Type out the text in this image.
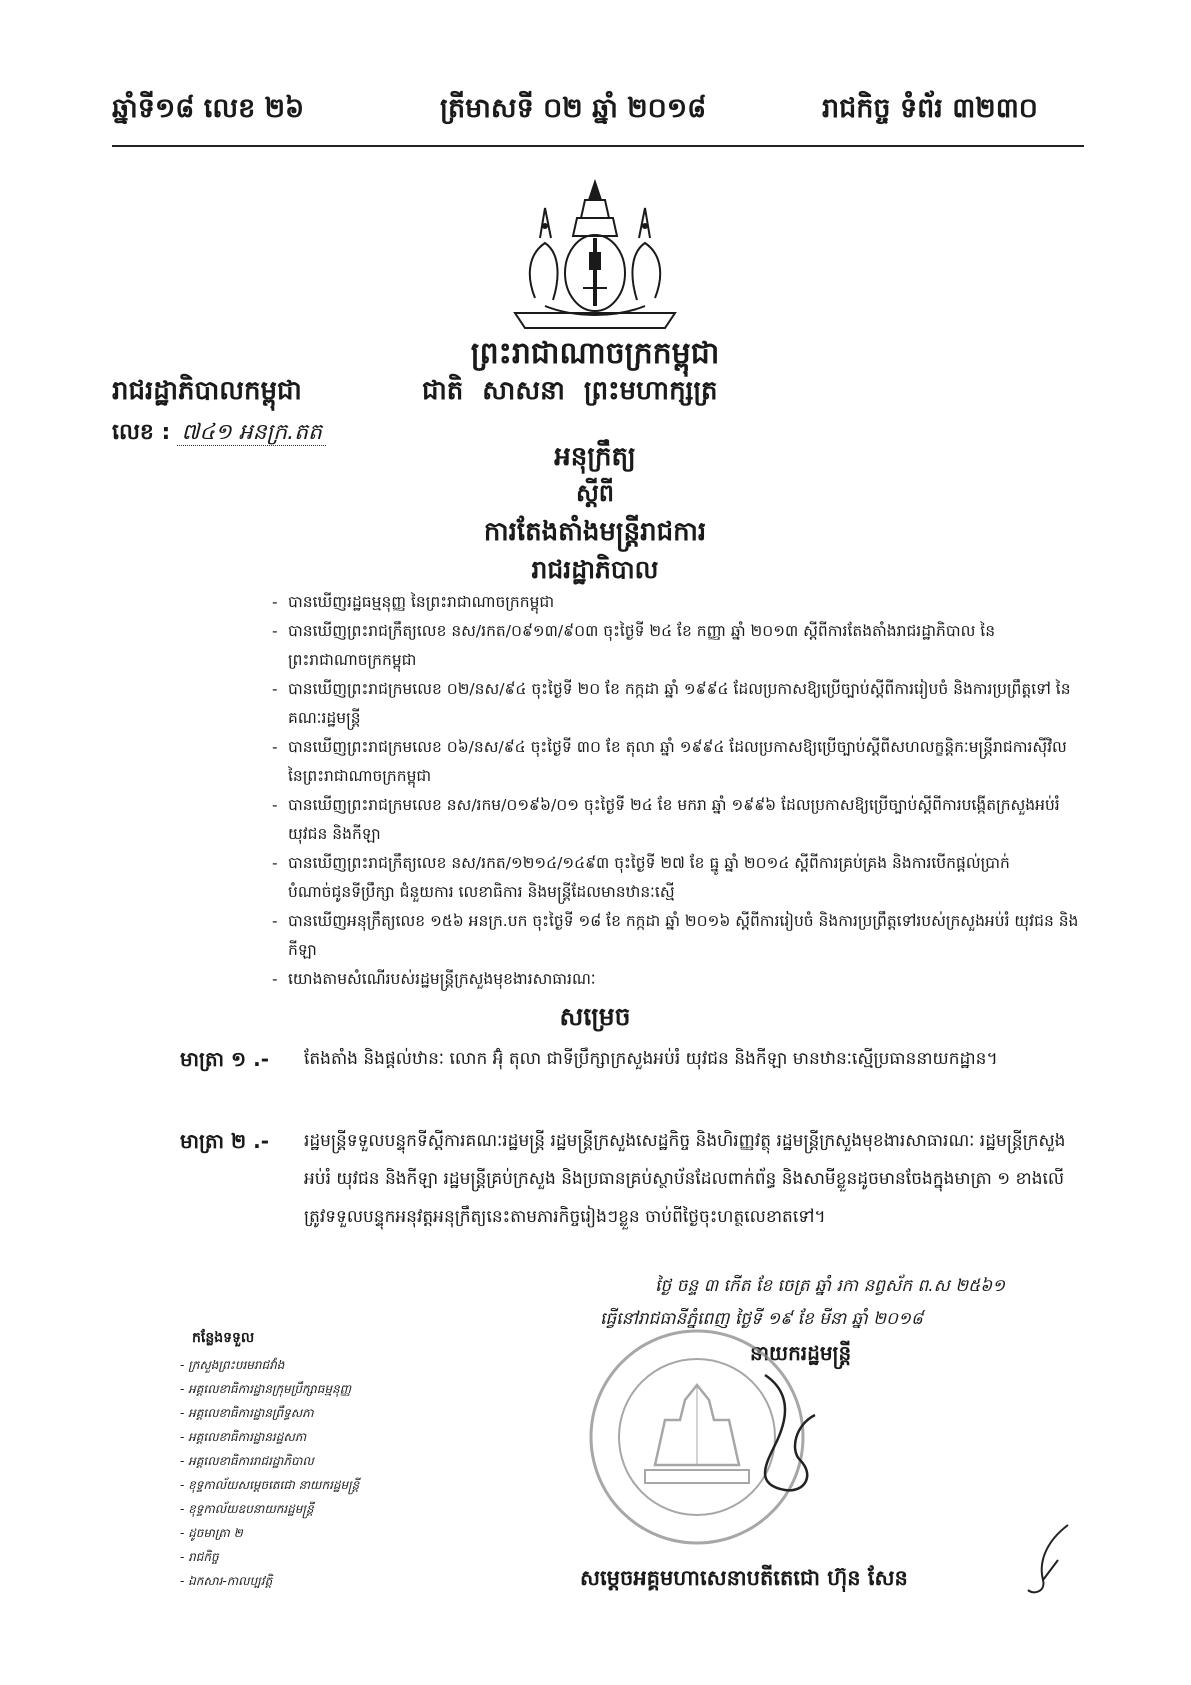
ឆ្នាំទី១៨ លេខ ២៦	ត្រីមាសទី ០២ ឆ្នាំ ២០១៨	រាជកិច្ច ទំព័រ ៣២៣០
ព្រះរាជាណាចក្រកម្ពុជា
រាជរដ្ឋាភិបាលកម្ពុជា	ជាតិ សាសនា ព្រះមហាក្សត្រ
លេខ : ៧៤១ អនក្រ.តត
អនុក្រឹត្យ
ស្តីពី
ការតែងតាំងមន្ត្រីរាជការ
រាជរដ្ឋាភិបាល
- បានឃើញរដ្ឋធម្មនុញ្ញ នៃព្រះរាជាណាចក្រកម្ពុជា
- បានឃើញព្រះរាជក្រឹត្យលេខ នស/រកត/០៩១៣/៩០៣ ចុះថ្ងៃទី ២៤ ខែ កញ្ញា ឆ្នាំ ២០១៣ ស្តីពីការតែងតាំងរាជរដ្ឋាភិបាល នៃព្រះរាជាណាចក្រកម្ពុជា
- បានឃើញព្រះរាជក្រមលេខ ០២/នស/៩៤ ចុះថ្ងៃទី ២០ ខែ កក្កដា ឆ្នាំ ១៩៩៤ ដែលប្រកាសឱ្យប្រើច្បាប់ស្តីពីការរៀបចំ និងការប្រព្រឹត្តទៅ នៃគណៈរដ្ឋមន្ត្រី
- បានឃើញព្រះរាជក្រមលេខ ០៦/នស/៩៤ ចុះថ្ងៃទី ៣០ ខែ តុលា ឆ្នាំ ១៩៩៤ ដែលប្រកាសឱ្យប្រើច្បាប់ស្តីពីសហលក្ខន្តិកៈមន្ត្រីរាជការស៊ីវិល នៃព្រះរាជាណាចក្រកម្ពុជា
- បានឃើញព្រះរាជក្រមលេខ នស/រកម/០១៩៦/០១ ចុះថ្ងៃទី ២៤ ខែ មករា ឆ្នាំ ១៩៩៦ ដែលប្រកាសឱ្យប្រើច្បាប់ស្តីពីការបង្កើតក្រសួងអប់រំ យុវជន និងកីឡា
- បានឃើញព្រះរាជក្រឹត្យលេខ នស/រកត/១២១៤/១៤៩៣ ចុះថ្ងៃទី ២៧ ខែ ធ្នូ ឆ្នាំ ២០១៤ ស្តីពីការគ្រប់គ្រង និងការបើកផ្តល់ប្រាក់បំណាច់ជូនទីប្រឹក្សា ជំនួយការ លេខាធិការ និងមន្ត្រីដែលមានឋានៈស្មើ
- បានឃើញអនុក្រឹត្យលេខ ១៥៦ អនក្រ.បក ចុះថ្ងៃទី ១៨ ខែ កក្កដា ឆ្នាំ ២០១៦ ស្តីពីការរៀបចំ និងការប្រព្រឹត្តទៅរបស់ក្រសួងអប់រំ យុវជន និងកីឡា
- យោងតាមសំណើរបស់រដ្ឋមន្ត្រីក្រសួងមុខងារសាធារណៈ
សម្រេច
មាត្រា ១ .- តែងតាំង និងផ្តល់ឋានៈ លោក អ៊ុំ តុលា ជាទីប្រឹក្សាក្រសួងអប់រំ យុវជន និងកីឡា មានឋានៈស្មើប្រធាននាយកដ្ឋាន។
មាត្រា ២ .- រដ្ឋមន្ត្រីទទួលបន្ទុកទីស្តីការគណៈរដ្ឋមន្ត្រី រដ្ឋមន្ត្រីក្រសួងសេដ្ឋកិច្ច និងហិរញ្ញវត្ថុ រដ្ឋមន្ត្រីក្រសួងមុខងារសាធារណៈ រដ្ឋមន្ត្រីក្រសួងអប់រំ យុវជន និងកីឡា រដ្ឋមន្ត្រីគ្រប់ក្រសួង និងប្រធានគ្រប់ស្ថាប័នដែលពាក់ព័ន្ធ និងសាមីខ្លួនដូចមានចែងក្នុងមាត្រា ១ ខាងលើ ត្រូវទទួលបន្ទុកអនុវត្តអនុក្រឹត្យនេះតាមភារកិច្ចរៀងៗខ្លួន ចាប់ពីថ្ងៃចុះហត្ថលេខាតទៅ។
ថ្ងៃ ចន្ទ ៣ កើត ខែ ចេត្រ ឆ្នាំ រកា នព្វស័ក ព.ស ២៥៦១
ធ្វើនៅរាជធានីភ្នំពេញ ថ្ងៃទី ១៩ ខែ មីនា ឆ្នាំ ២០១៨
នាយករដ្ឋមន្ត្រី
សម្តេចអគ្គមហាសេនាបតីតេជោ ហ៊ុន សែន
កន្លែងទទួល
- ក្រសួងព្រះបរមរាជវាំង
- អគ្គលេខាធិការដ្ឋានក្រុមប្រឹក្សាធម្មនុញ្ញ
- អគ្គលេខាធិការដ្ឋានព្រឹទ្ធសភា
- អគ្គលេខាធិការដ្ឋានរដ្ឋសភា
- អគ្គលេខាធិការរាជរដ្ឋាភិបាល
- ខុទ្ទកាល័យសម្តេចតេជោ នាយករដ្ឋមន្ត្រី
- ខុទ្ទកាល័យឧបនាយករដ្ឋមន្ត្រី
- ដូចមាត្រា ២
- រាជកិច្ច
- ឯកសារ-កាលប្បវត្តិ
